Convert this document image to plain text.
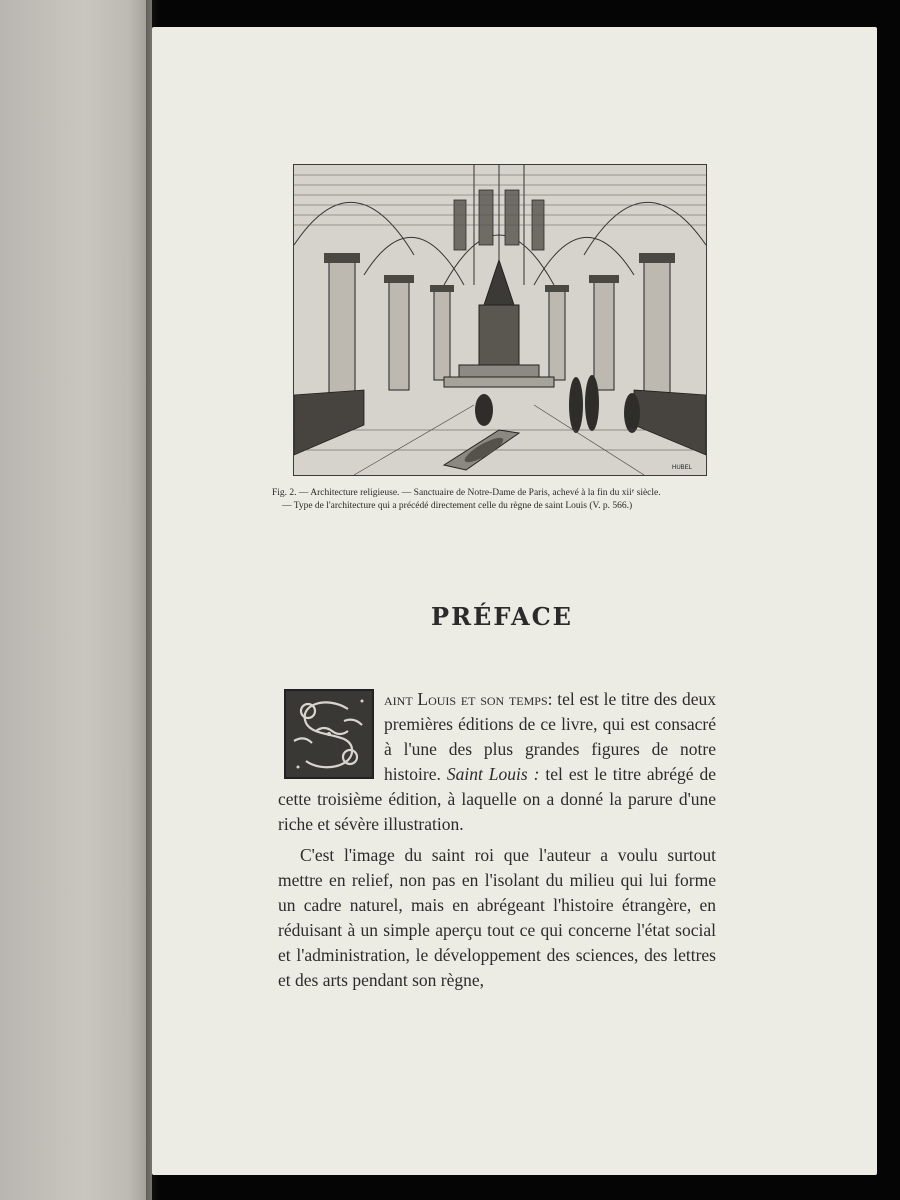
HUBEL

Fig. 2. — Architecture religieuse. — Sanctuaire de Notre-Dame de Paris, achevé à la fin du xiiᵉ siècle.

— Type de l'architecture qui a précédé directement celle du règne de saint Louis (V. p. 566.)

PRÉFACE

aint Louis et son temps: tel est le titre des deux premières éditions de ce livre, qui est consacré à l'une des plus grandes figures de notre histoire. Saint Louis : tel est le titre abrégé de cette troisième édition, à laquelle on a donné la parure d'une riche et sévère illustration.

C'est l'image du saint roi que l'auteur a voulu surtout mettre en relief, non pas en l'isolant du milieu qui lui forme un cadre naturel, mais en abrégeant l'histoire étrangère, en réduisant à un simple aperçu tout ce qui concerne l'état social et l'administration, le développement des sciences, des lettres et des arts pendant son règne,
